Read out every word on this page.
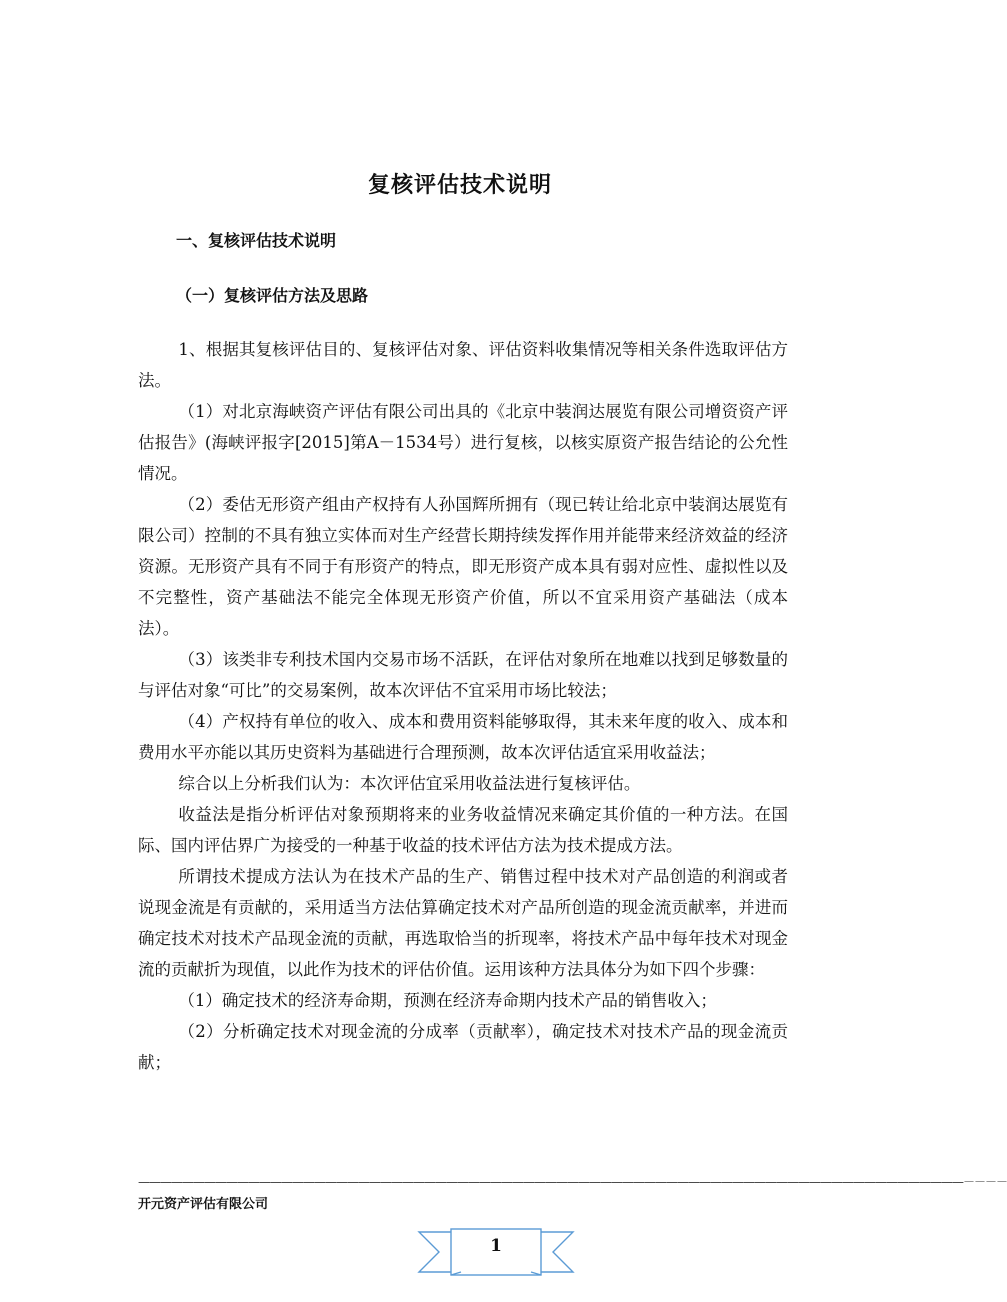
复核评估技术说明
一、复核评估技术说明
（一）复核评估方法及思路

1、根据其复核评估目的、复核评估对象、评估资料收集情况等相关条件选取评估方法。

（1）对北京海峡资产评估有限公司出具的《北京中装润达展览有限公司增资资产评估报告》(海峡评报字[2015]第A－1534号）进行复核，以核实原资产报告结论的公允性情况。

（2）委估无形资产组由产权持有人孙国辉所拥有（现已转让给北京中装润达展览有限公司）控制的不具有独立实体而对生产经营长期持续发挥作用并能带来经济效益的经济资源。无形资产具有不同于有形资产的特点，即无形资产成本具有弱对应性、虚拟性以及不完整性，资产基础法不能完全体现无形资产价值，所以不宜采用资产基础法（成本法）。

（3）该类非专利技术国内交易市场不活跃，在评估对象所在地难以找到足够数量的与评估对象“可比”的交易案例，故本次评估不宜采用市场比较法；

（4）产权持有单位的收入、成本和费用资料能够取得，其未来年度的收入、成本和费用水平亦能以其历史资料为基础进行合理预测，故本次评估适宜采用收益法；

综合以上分析我们认为：本次评估宜采用收益法进行复核评估。

收益法是指分析评估对象预期将来的业务收益情况来确定其价值的一种方法。在国际、国内评估界广为接受的一种基于收益的技术评估方法为技术提成方法。

所谓技术提成方法认为在技术产品的生产、销售过程中技术对产品创造的利润或者说现金流是有贡献的，采用适当方法估算确定技术对产品所创造的现金流贡献率，并进而确定技术对技术产品现金流的贡献，再选取恰当的折现率，将技术产品中每年技术对现金流的贡献折为现值，以此作为技术的评估价值。运用该种方法具体分为如下四个步骤：

（1）确定技术的经济寿命期，预测在经济寿命期内技术产品的销售收入；

（2）分析确定技术对现金流的分成率（贡献率），确定技术对技术产品的现金流贡献；

———————————————————————————————————————————————————————————————————————————－－－－
开元资产评估有限公司
1
